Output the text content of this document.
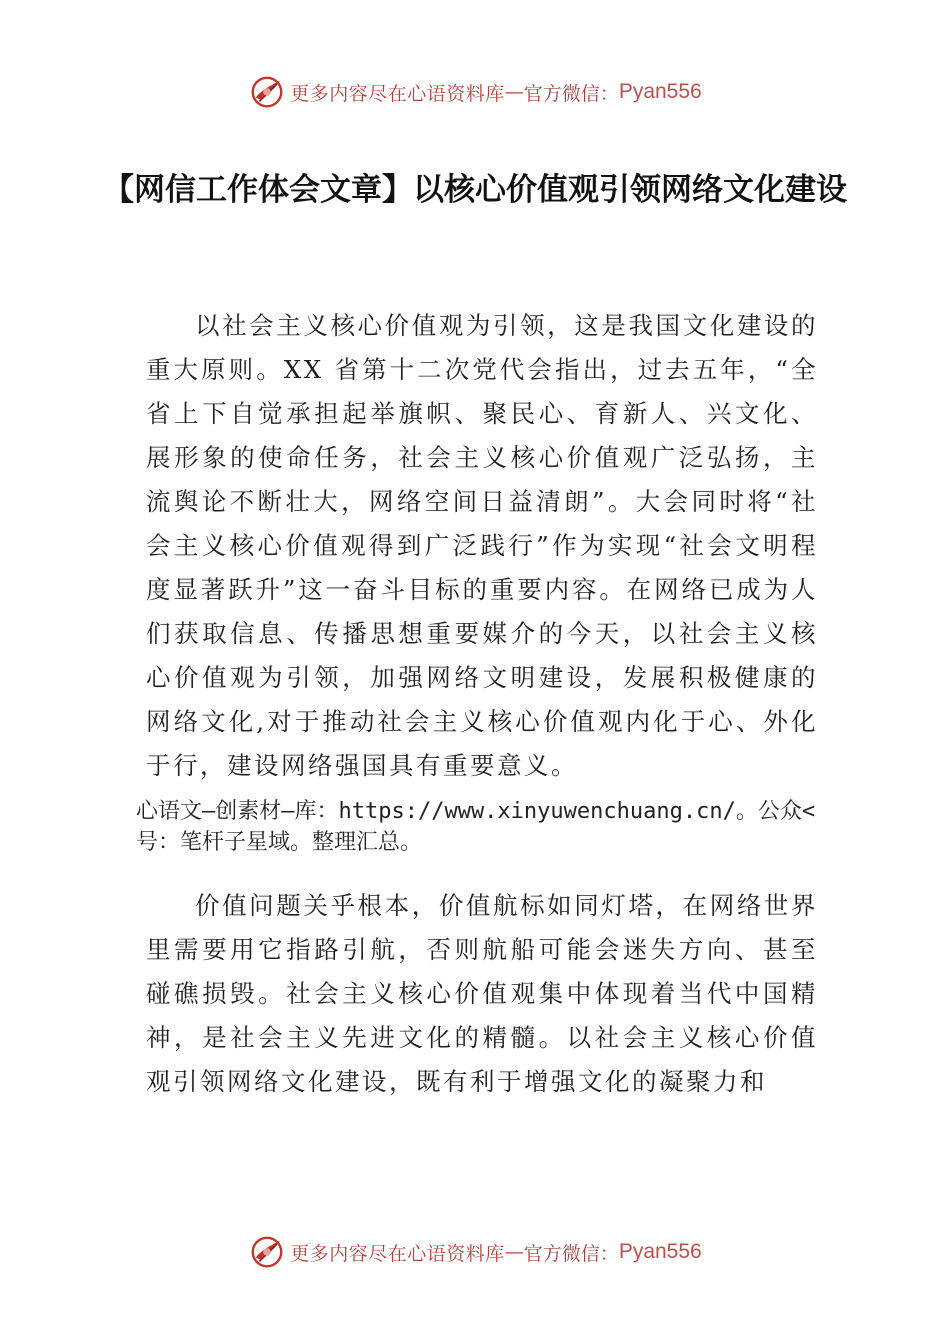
更多内容尽在心语资料库 — 官方微信： Pyan556
【网信工作体会文章】以核心价值观引领网络文化建设

以社会主义核心价值观为引领，这是我国文化建设的重大原则。XX 省第十二次党代会指出，过去五年，“全省上下自觉承担起举旗帜、聚民心、育新人、兴文化、展形象的使命任务，社会主义核心价值观广泛弘扬，主流舆论不断壮大，网络空间日益清朗”。大会同时将“社会主义核心价值观得到广泛践行”作为实现“社会文明程度显著跃升”这一奋斗目标的重要内容。在网络已成为人们获取信息、传播思想重要媒介的今天，以社会主义核心价值观为引领，加强网络文明建设，发展积极健康的网络文化,对于推动社会主义核心价值观内化于心、外化于行，建设网络强国具有重要意义。

心语文—创素材—库：https://www.xinyuwenchuang.cn/。公众<号：笔杆子星域。整理汇总。

价值问题关乎根本，价值航标如同灯塔，在网络世界里需要用它指路引航，否则航船可能会迷失方向、甚至碰礁损毁。社会主义核心价值观集中体现着当代中国精神，是社会主义先进文化的精髓。以社会主义核心价值观引领网络文化建设，既有利于增强文化的凝聚力和

更多内容尽在心语资料库 — 官方微信： Pyan556
